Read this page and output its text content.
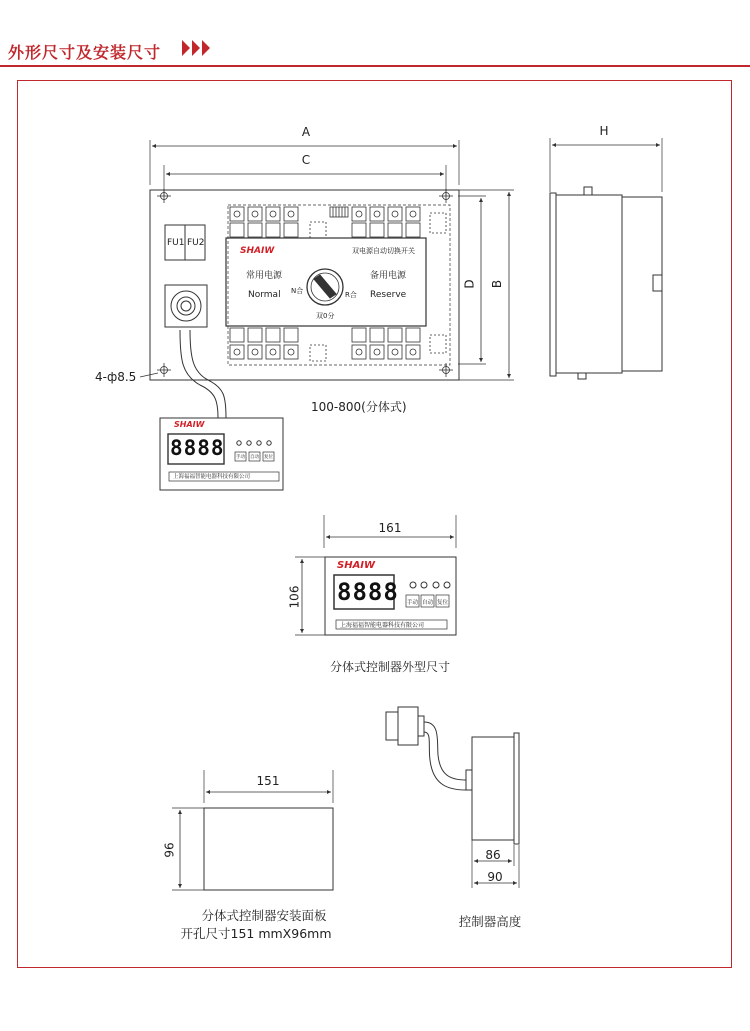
外形尺寸及安装尺寸
A
C
H
D B
4-ф8.5
FU1 FU2
SHAIW	双电源自动切换开关
常用电源
Normal
备用电源
Reserve
N合	R合
双0分
100-800(分体式)
SHAIW
8888
上海福福智能电器科技有限公司
手动 自动 复位
161
106
SHAIW
8888
上海福福智能电器科技有限公司
手动 自动 复位
分体式控制器外型尺寸
151
96
分体式控制器安装面板
开孔尺寸151 mmX96mm
86
90
控制器高度
